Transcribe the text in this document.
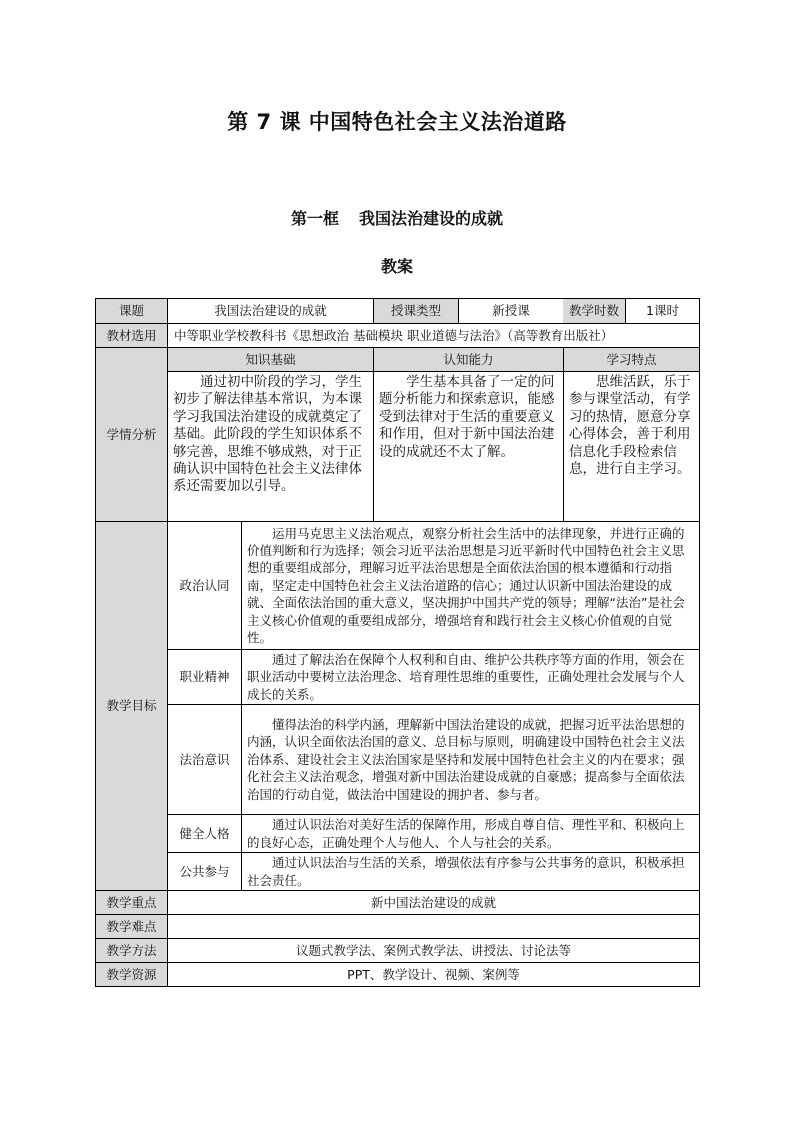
第 7 课 中国特色社会主义法治道路
第一框 我国法治建设的成就
教案
课题	我国法治建设的成就		授课类型	新授课		教学时数 1课时

教材选用	中等职业学校教科书《思想政治 基础模块 职业道德与法治》（高等教育出版社）					
学情分析	知识基础		认知能力		学习特点	
	通过初中阶段的学习，学生初步了解法律基本常识，为本课学习我国法治建设的成就奠定了基础。此阶段的学生知识体系不够完善，思维不够成熟，对于正确认识中国特色社会主义法律体系还需要加以引导。		学生基本具备了一定的问题分析能力和探索意识，能感受到法律对于生活的重要意义和作用，但对于新中国法治建设的成就还不太了解。		思维活跃，乐于参与课堂活动，有学习的热情，愿意分享心得体会，善于利用信息化手段检索信息，进行自主学习。	
教学目标	政治认同	运用马克思主义法治观点，观察分析社会生活中的法律现象，并进行正确的价值判断和行为选择；领会习近平法治思想是习近平新时代中国特色社会主义思想的重要组成部分，理解习近平法治思想是全面依法治国的根本遵循和行动指南，坚定走中国特色社会主义法治道路的信心；通过认识新中国法治建设的成就、全面依法治国的重大意义，坚决拥护中国共产党的领导；理解“法治”是社会主义核心价值观的重要组成部分，增强培育和践行社会主义核心价值观的自觉性。				
	职业精神	通过了解法治在保障个人权利和自由、维护公共秩序等方面的作用，领会在职业活动中要树立法治理念、培育理性思维的重要性，正确处理社会发展与个人成长的关系。				
	法治意识	懂得法治的科学内涵，理解新中国法治建设的成就，把握习近平法治思想的内涵，认识全面依法治国的意义、总目标与原则，明确建设中国特色社会主义法治体系、建设社会主义法治国家是坚持和发展中国特色社会主义的内在要求；强化社会主义法治观念，增强对新中国法治建设成就的自豪感；提高参与全面依法治国的行动自觉，做法治中国建设的拥护者、参与者。				
	健全人格	通过认识法治对美好生活的保障作用，形成自尊自信、理性平和、积极向上的良好心态，正确处理个人与他人、个人与社会的关系。				
	公共参与	通过认识法治与生活的关系，增强依法有序参与公共事务的意识，积极承担社会责任。				
教学重点	新中国法治建设的成就					
教学难点						
教学方法	议题式教学法、案例式教学法、讲授法、讨论法等					
教学资源	PPT、教学设计、视频、案例等					
